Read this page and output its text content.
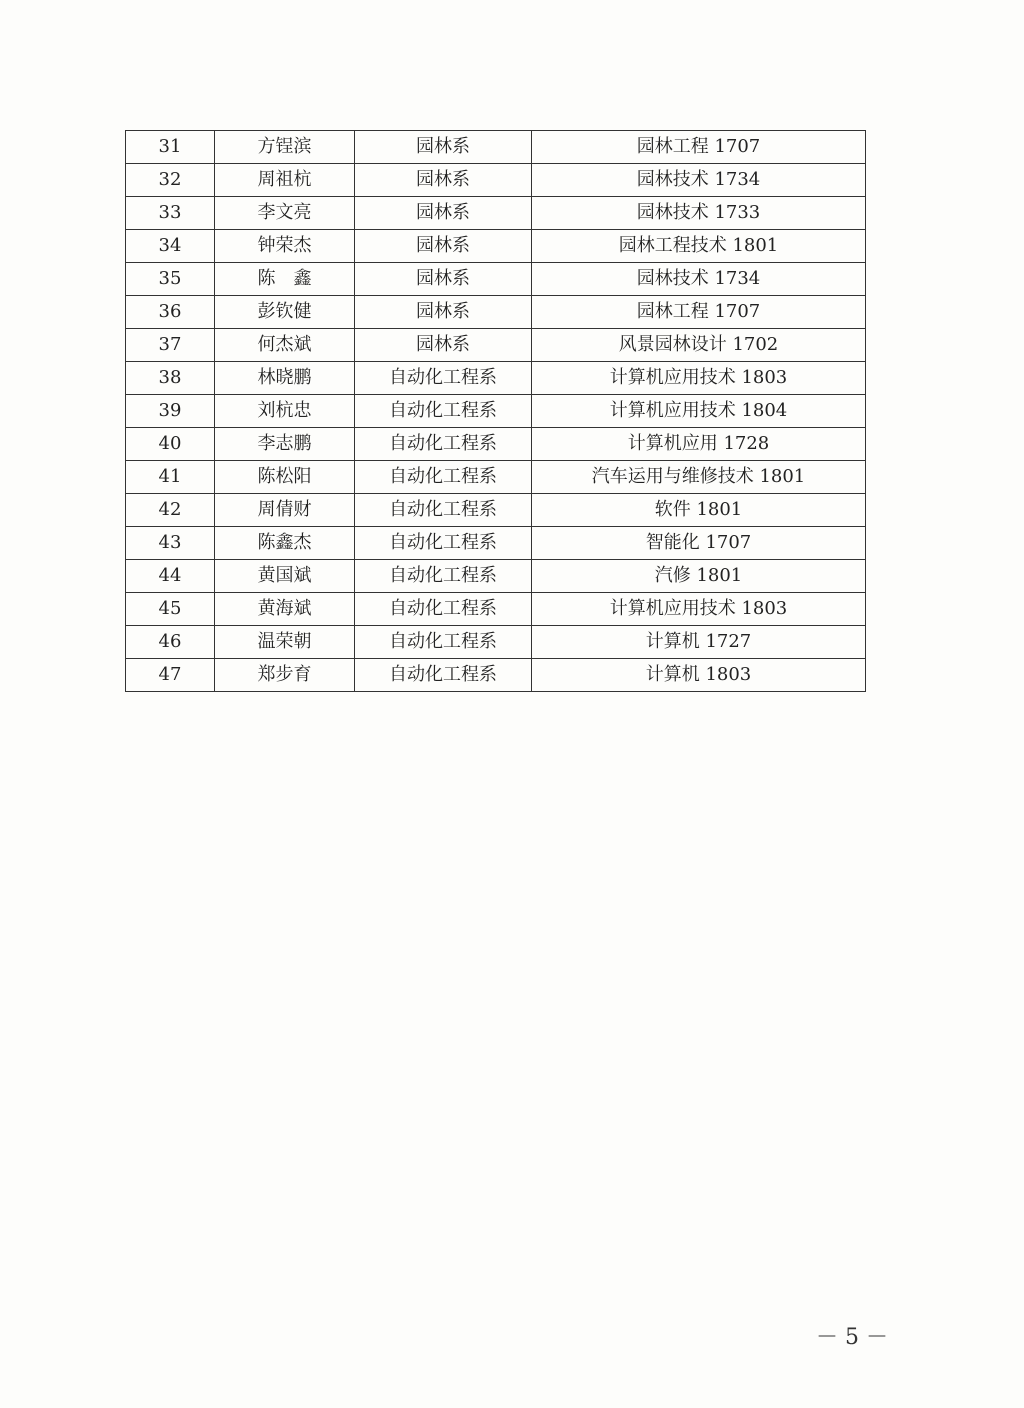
31	方锃滨	园林系	园林工程 1707
32	周祖杭	园林系	园林技术 1734
33	李文亮	园林系	园林技术 1733
34	钟荣杰	园林系	园林工程技术 1801
35	陈　鑫	园林系	园林技术 1734
36	彭钦健	园林系	园林工程 1707
37	何杰斌	园林系	风景园林设计 1702
38	林晓鹏	自动化工程系	计算机应用技术 1803
39	刘杭忠	自动化工程系	计算机应用技术 1804
40	李志鹏	自动化工程系	计算机应用 1728
41	陈松阳	自动化工程系	汽车运用与维修技术 1801
42	周倩财	自动化工程系	软件 1801
43	陈鑫杰	自动化工程系	智能化 1707
44	黄国斌	自动化工程系	汽修 1801
45	黄海斌	自动化工程系	计算机应用技术 1803
46	温荣朝	自动化工程系	计算机 1727
47	郑步育	自动化工程系	计算机 1803
－ 5 －
